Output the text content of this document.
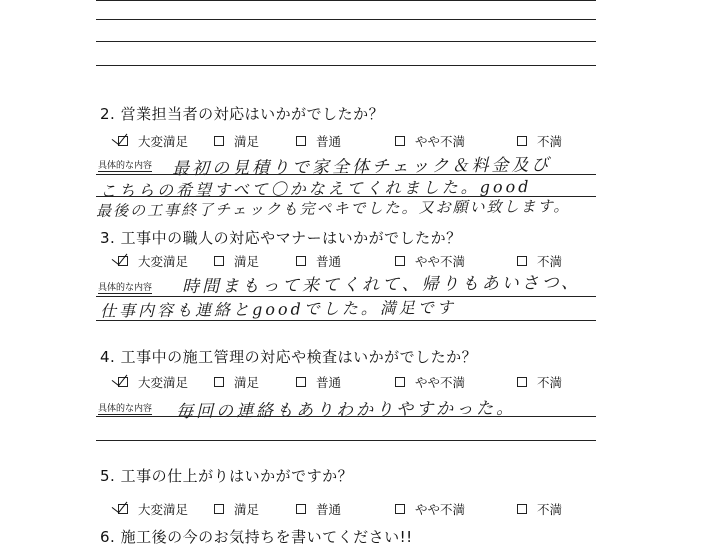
2. 営業担当者の対応はいかがでしたか？
大変満足	満足	普通	やや不満	不満
具体的な内容 最初の見積りで家全体チェック＆料金及び
こちらの希望すべて〇かなえてくれました。good
最後の工事終了チェックも完ペキでした。又お願い致します。
3. 工事中の職人の対応やマナーはいかがでしたか？
大変満足	満足	普通	やや不満	不満
具体的な内容 時間まもって来てくれて、帰りもあいさつ、
仕事内容も連絡とgoodでした。満足です
4. 工事中の施工管理の対応や検査はいかがでしたか？
大変満足	満足	普通	やや不満	不満
具体的な内容 毎回の連絡もありわかりやすかった。
5. 工事の仕上がりはいかがですか？
大変満足	満足	普通	やや不満	不満
6. 施工後の今のお気持ちを書いてください!!
